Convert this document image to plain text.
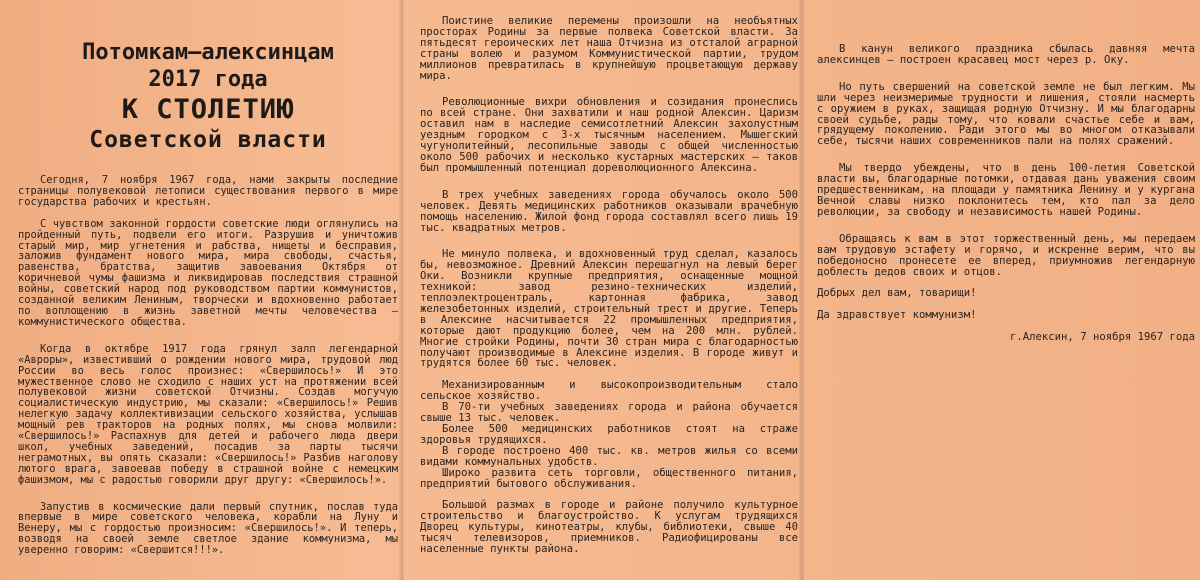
Потомкам—алексинцам
2017 года
К СТОЛЕТИЮ
Советской власти

Сегодня, 7 ноября 1967 года, нами закрыты последние страницы полувековой летописи существования первого в мире государства рабочих и крестьян.

С чувством законной гордости советские люди оглянулись на пройденный путь, подвели его итоги. Разрушив и уничтожив старый мир, мир угнетения и рабства, нищеты и бесправия, заложив фундамент нового мира, мира свободы, счастья, равенства, братства, защитив завоевания Октября от коричневой чумы фашизма и ликвидировав последствия страшной войны, советский народ под руководством партии коммунистов, созданной великим Лениным, творчески и вдохновенно работает по воплощению в жизнь заветной мечты человечества — коммунистического общества.

Когда в октябре 1917 года грянул залп легендарной «Авроры», известивший о рождении нового мира, трудовой люд России во весь голос произнес: «Свершилось!» И это мужественное слово не сходило с наших уст на протяжении всей полувековой жизни советской Отчизны. Создав могучую социалистическую индустрию, мы сказали: «Свершилось!» Решив нелегкую задачу коллективизации сельского хозяйства, услышав мощный рев тракторов на родных полях, мы снова молвили: «Свершилось!» Распахнув для детей и рабочего люда двери школ, учебных заведений, посадив за парты тысячи неграмотных, вы опять сказали: «Свершилось!» Разбив наголову лютого врага, завоевав победу в страшной войне с немецким фашизмом, мы с радостью говорили друг другу: «Свершилось!».

Запустив в космические дали первый спутник, послав туда впервые в мире советского человека, корабли на Луну и Венеру, мы с гордостью произносим: «Свершилось!». И теперь, возводя на своей земле светлое здание коммунизма, мы уверенно говорим: «Свершится!!!».

Поистине великие перемены произошли на необъятных просторах Родины за первые полвека Советской власти. За пятьдесят героических лет наша Отчизна из отсталой аграрной страны волею и разумом Коммунистической партии, трудом миллионов превратилась в крупнейшую процветающую державу мира.

Революционные вихри обновления и созидания пронеслись по всей стране. Они захватили и наш родной Алексин. Царизм оставил нам в наследие семисотлетний Алексин захолустным уездным городком с 3-х тысячным населением. Мышегский чугунолитейный, лесопильные заводы с общей численностью около 500 рабочих и несколько кустарных мастерских — таков был промышленный потенциал дореволюционного Алексина.

В трех учебных заведениях города обучалось около 500 человек. Девять медицинских работников оказывали врачебную помощь населению. Жилой фонд города составлял всего лишь 19 тыс. квадратных метров.

Не минуло полвека, и вдохновенный труд сделал, казалось бы, невозможное. Древний Алексин перешагнул на левый берег Оки. Возникли крупные предприятия, оснащенные мощной техникой: завод резино-технических изделий, теплоэлектроцентраль, картонная фабрика, завод железобетонных изделий, строительный трест и другие. Теперь в Алексине насчитывается 22 промышленных предприятия, которые дают продукцию более, чем на 200 млн. рублей. Многие стройки Родины, почти 30 стран мира с благодарностью получают производимые в Алексине изделия. В городе живут и трудятся более 60 тыс. человек.

Механизированным и высокопроизводительным стало сельское хозяйство.

В 70-ти учебных заведениях города и района обучается свыше 13 тыс. человек.

Более 500 медицинских работников стоят на страже здоровья трудящихся.

В городе построено 400 тыс. кв. метров жилья со всеми видами коммунальных удобств.

Широко развита сеть торговли, общественного питания, предприятий бытового обслуживания.

Большой размах в городе и районе получило культурное строительство и благоустройство. К услугам трудящихся Дворец культуры, кинотеатры, клубы, библиотеки, свыше 40 тысяч телевизоров, приемников. Радиофицированы все населенные пункты района.

В канун великого праздника сбылась давняя мечта алексинцев — построен красавец мост через р. Оку.

Но путь свершений на советской земле не был легким. Мы шли через неизмеримые трудности и лишения, стояли насмерть с оружием в руках, защищая родную Отчизну. И мы благодарны своей судьбе, рады тому, что ковали счастье себе и вам, грядущему поколению. Ради этого мы во многом отказывали себе, тысячи наших современников пали на полях сражений.

Мы твердо убеждены, что в день 100-летия Советской власти вы, благодарные потомки, отдавая дань уважения своим предшественникам, на площади у памятника Ленину и у кургана Вечной славы низко поклонитесь тем, кто пал за дело революции, за свободу и независимость нашей Родины.

Обращаясь к вам в этот торжественный день, мы передаем вам трудовую эстафету и горячо, и искренне верим, что вы победоносно пронесете ее вперед, приумножив легендарную доблесть дедов своих и отцов.

Добрых дел вам, товарищи!

Да здравствует коммунизм!

г.Алексин, 7 ноября 1967 года
